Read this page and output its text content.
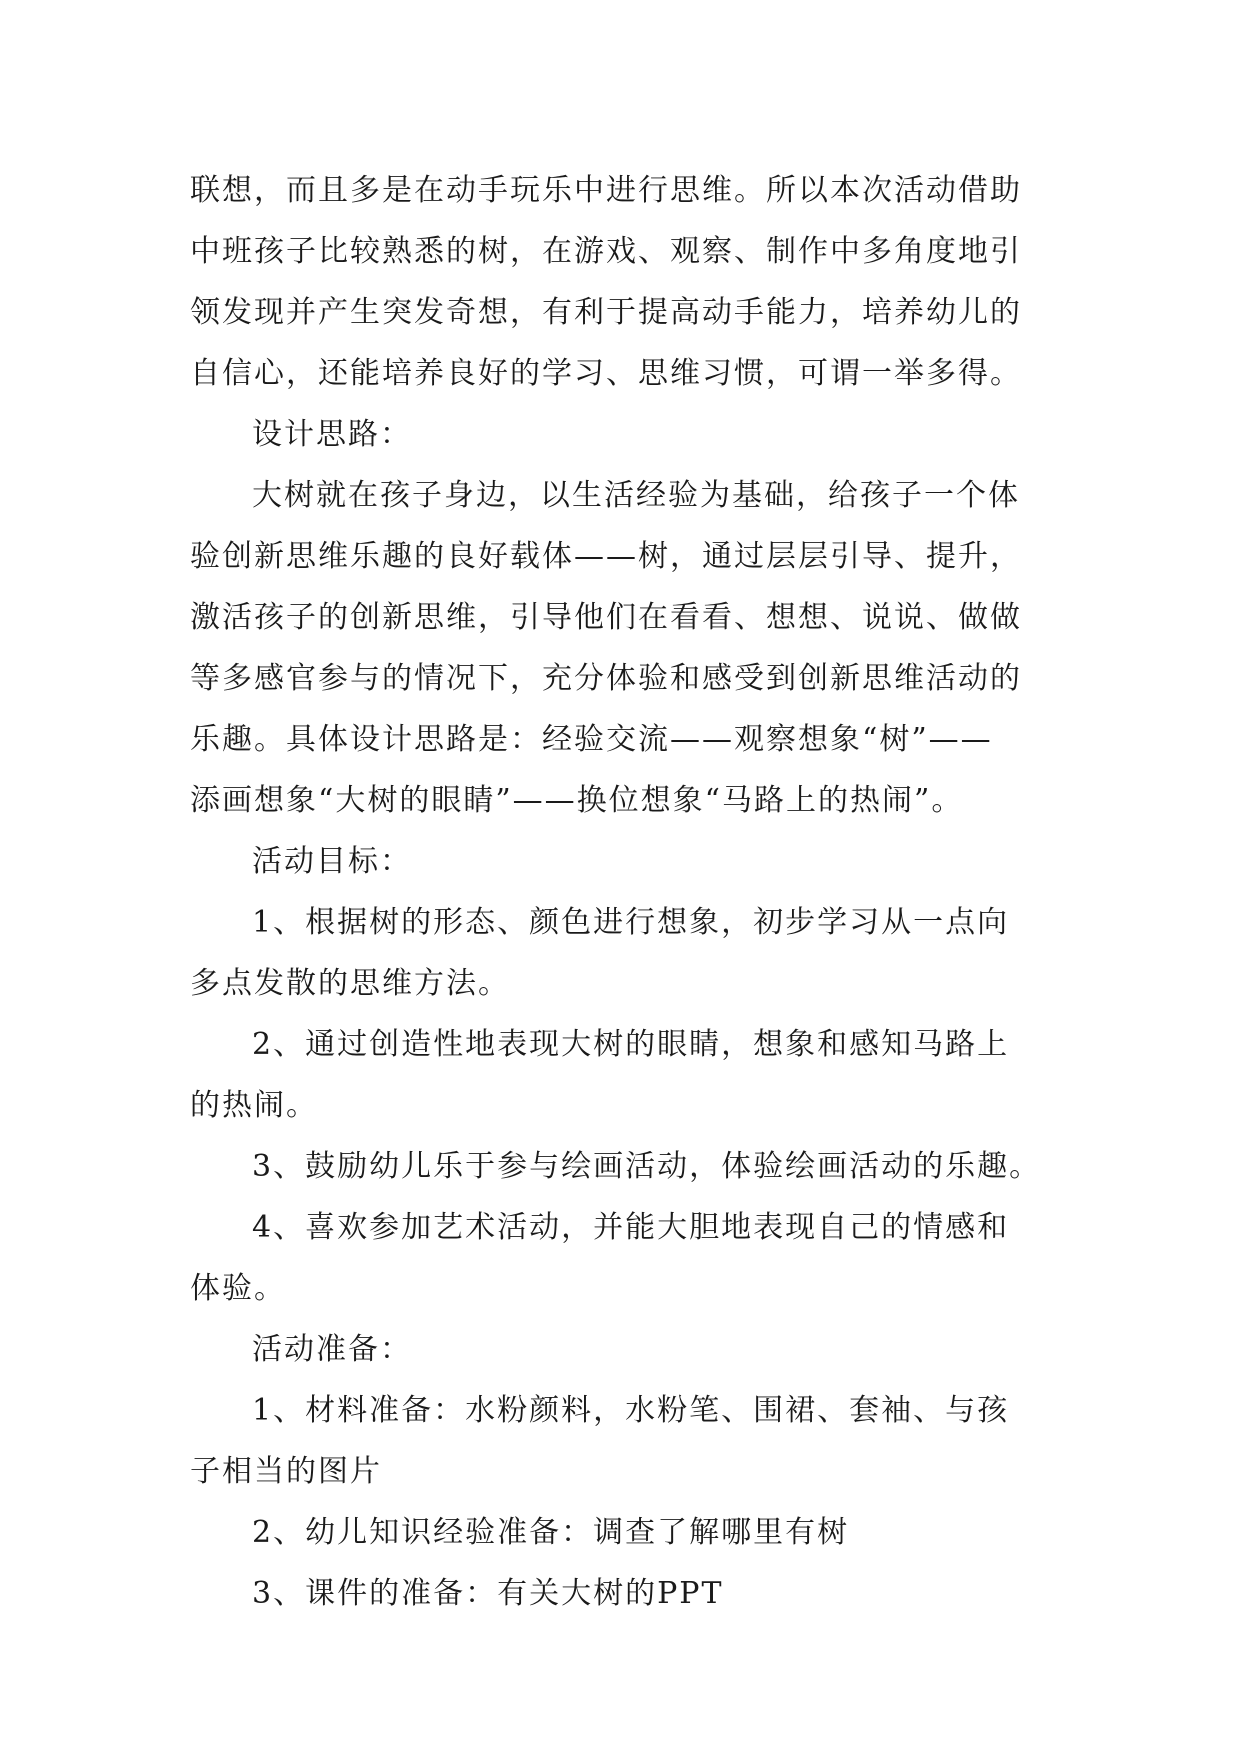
联想，而且多是在动手玩乐中进行思维。所以本次活动借助
中班孩子比较熟悉的树，在游戏、观察、制作中多角度地引
领发现并产生突发奇想，有利于提高动手能力，培养幼儿的
自信心，还能培养良好的学习、思维习惯，可谓一举多得。
设计思路：
大树就在孩子身边，以生活经验为基础，给孩子一个体
验创新思维乐趣的良好载体——树，通过层层引导、提升，
激活孩子的创新思维，引导他们在看看、想想、说说、做做
等多感官参与的情况下，充分体验和感受到创新思维活动的
乐趣。具体设计思路是：经验交流——观察想象“树”——
添画想象“大树的眼睛”——换位想象“马路上的热闹”。
活动目标：
1、根据树的形态、颜色进行想象，初步学习从一点向
多点发散的思维方法。
2、通过创造性地表现大树的眼睛，想象和感知马路上
的热闹。
3、鼓励幼儿乐于参与绘画活动，体验绘画活动的乐趣。
4、喜欢参加艺术活动，并能大胆地表现自己的情感和
体验。
活动准备：
1、材料准备：水粉颜料，水粉笔、围裙、套袖、与孩
子相当的图片
2、幼儿知识经验准备：调查了解哪里有树
3、课件的准备：有关大树的PPT
